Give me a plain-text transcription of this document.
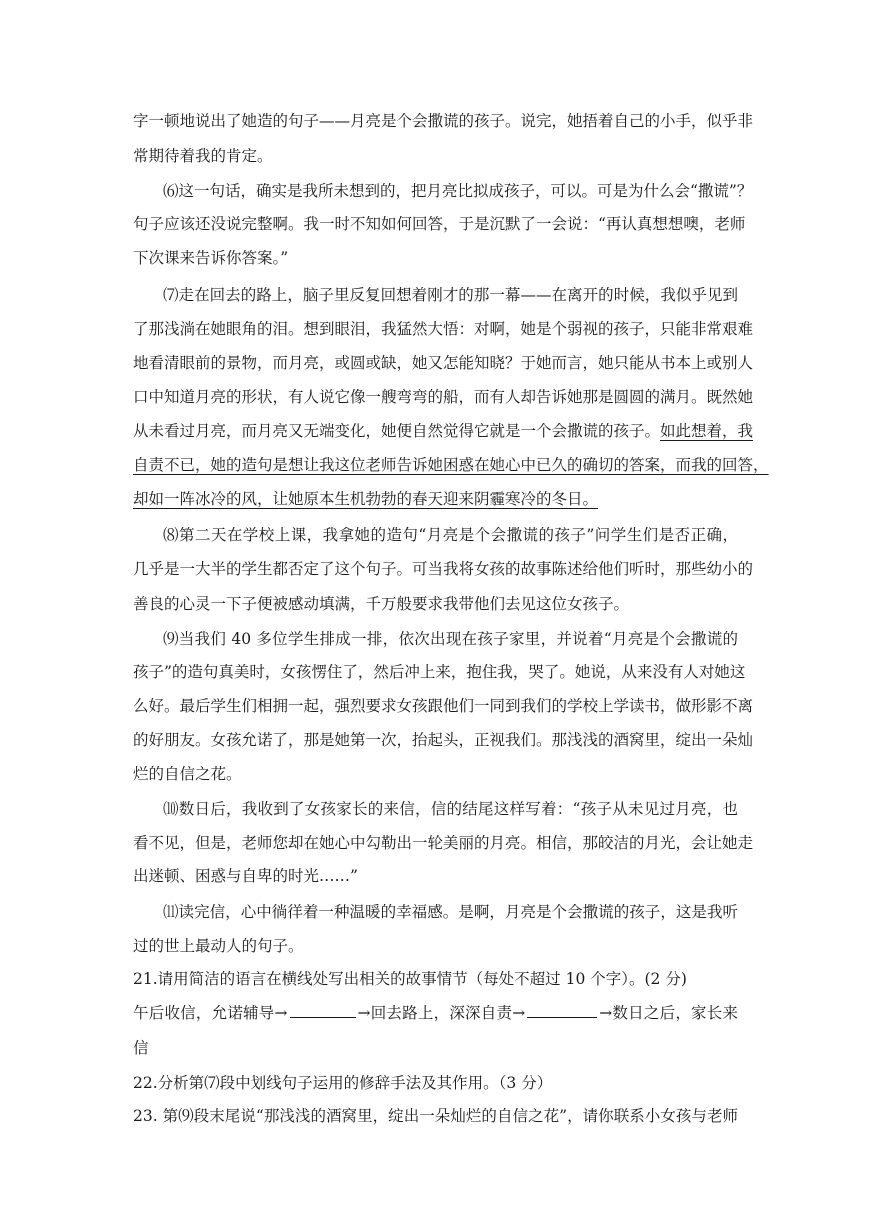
字一顿地说出了她造的句子——月亮是个会撒谎的孩子。说完，她捂着自己的小手，似乎非
常期待着我的肯定。
⑹这一句话，确实是我所未想到的，把月亮比拟成孩子，可以。可是为什么会“撒谎”？
句子应该还没说完整啊。我一时不知如何回答，于是沉默了一会说：“再认真想想噢，老师
下次课来告诉你答案。”
⑺走在回去的路上，脑子里反复回想着刚才的那一幕——在离开的时候，我似乎见到
了那浅淌在她眼角的泪。想到眼泪，我猛然大悟：对啊，她是个弱视的孩子，只能非常艰难
地看清眼前的景物，而月亮，或圆或缺，她又怎能知晓？于她而言，她只能从书本上或别人
口中知道月亮的形状，有人说它像一艘弯弯的船，而有人却告诉她那是圆圆的满月。既然她
从未看过月亮，而月亮又无端变化，她便自然觉得它就是一个会撒谎的孩子。如此想着，我
自责不已，她的造句是想让我这位老师告诉她困惑在她心中已久的确切的答案，而我的回答，
却如一阵冰冷的风，让她原本生机勃勃的春天迎来阴霾寒冷的冬日。
⑻第二天在学校上课，我拿她的造句“月亮是个会撒谎的孩子”问学生们是否正确，
几乎是一大半的学生都否定了这个句子。可当我将女孩的故事陈述给他们听时，那些幼小的
善良的心灵一下子便被感动填满，千万般要求我带他们去见这位女孩子。
⑼当我们 40 多位学生排成一排，依次出现在孩子家里，并说着“月亮是个会撒谎的
孩子”的造句真美时，女孩愣住了，然后冲上来，抱住我，哭了。她说，从来没有人对她这
么好。最后学生们相拥一起，强烈要求女孩跟他们一同到我们的学校上学读书，做形影不离
的好朋友。女孩允诺了，那是她第一次，抬起头，正视我们。那浅浅的酒窝里，绽出一朵灿
烂的自信之花。
⑽数日后，我收到了女孩家长的来信，信的结尾这样写着：“孩子从未见过月亮，也
看不见，但是，老师您却在她心中勾勒出一轮美丽的月亮。相信，那皎洁的月光，会让她走
出迷顿、困惑与自卑的时光……”
⑾读完信，心中徜徉着一种温暖的幸福感。是啊，月亮是个会撒谎的孩子，这是我听
过的世上最动人的句子。
21.请用简洁的语言在横线处写出相关的故事情节（每处不超过 10 个字）。(2 分)
午后收信，允诺辅导→	→回去路上，深深自责→	→数日之后，家长来
信
22.分析第⑺段中划线句子运用的修辞手法及其作用。（3 分）
23. 第⑼段末尾说“那浅浅的酒窝里，绽出一朵灿烂的自信之花”，请你联系小女孩与老师
